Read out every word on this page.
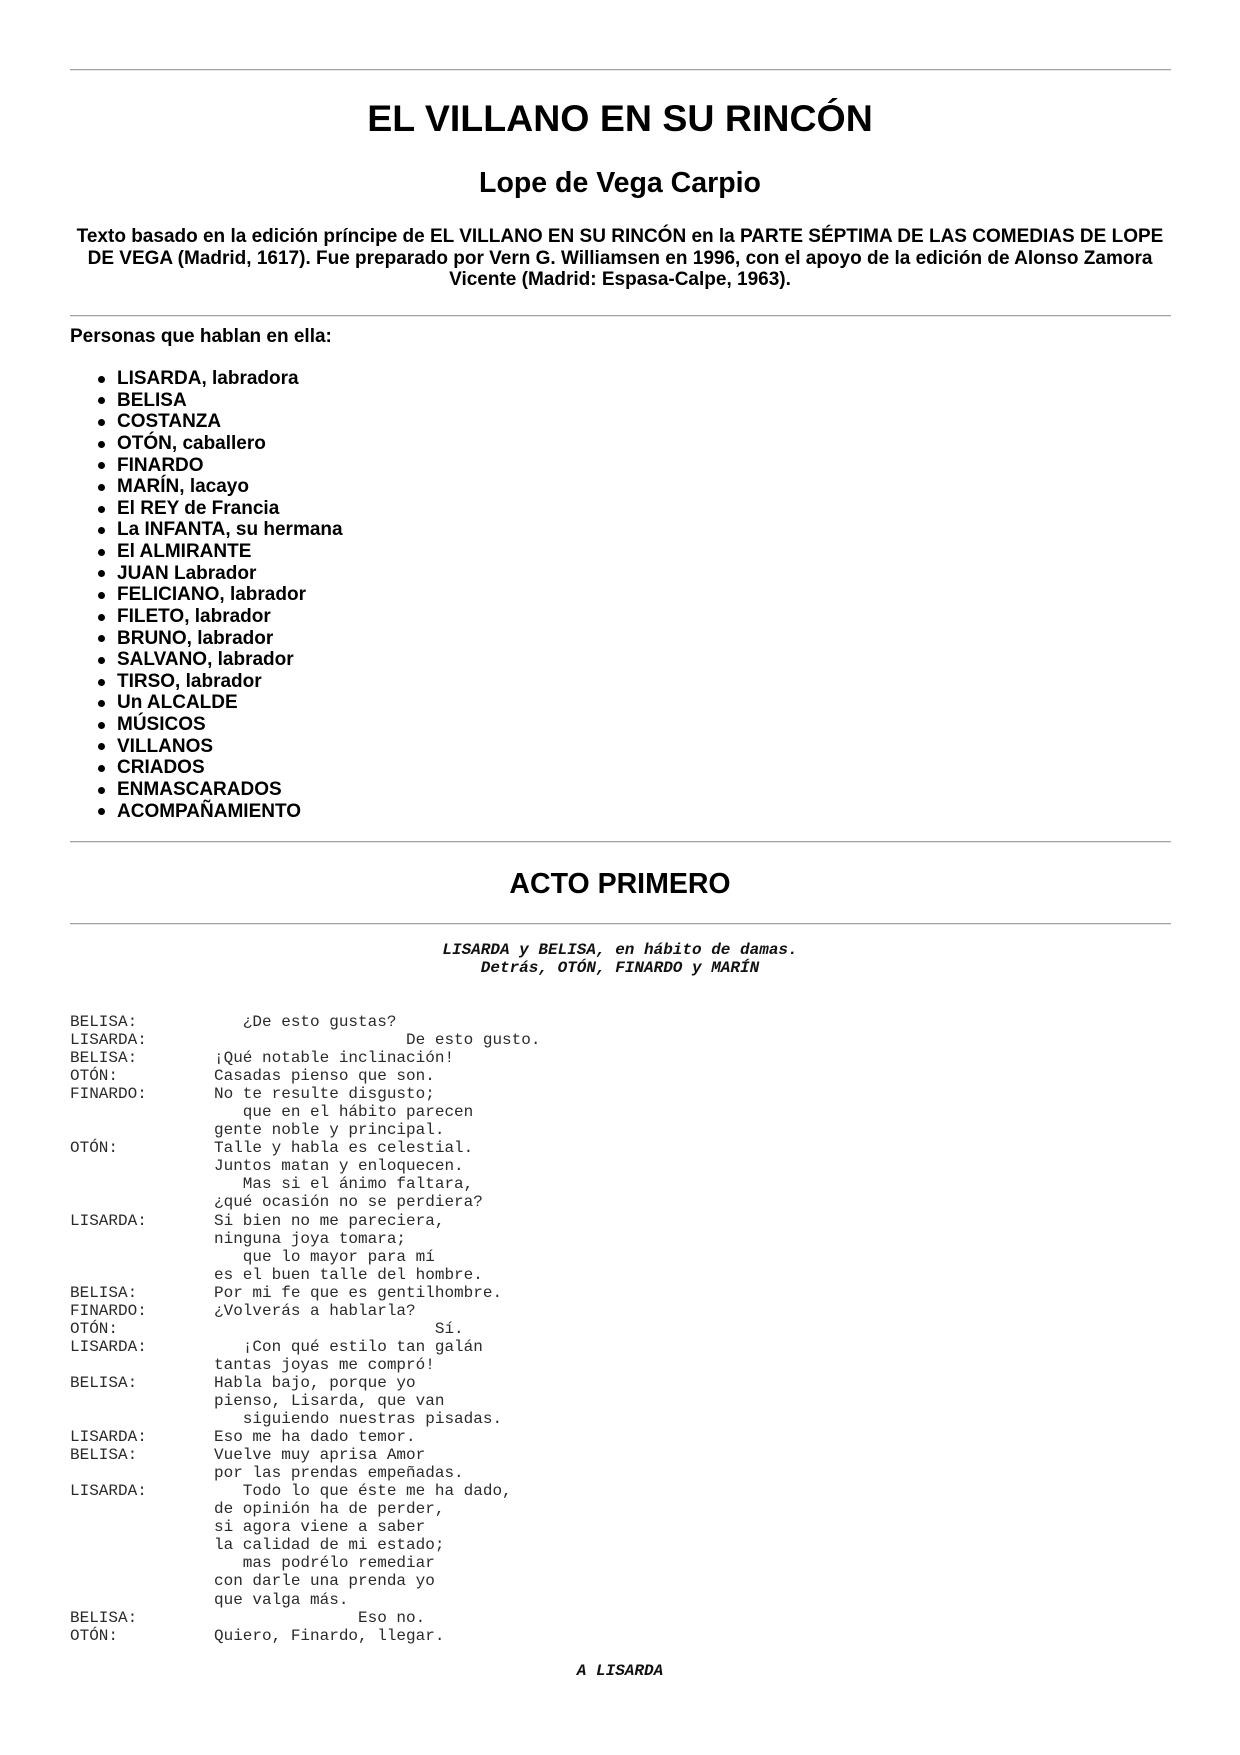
EL VILLANO EN SU RINCÓN
Lope de Vega Carpio

Texto basado en la edición príncipe de EL VILLANO EN SU RINCÓN en la PARTE SÉPTIMA DE LAS COMEDIAS DE LOPE DE VEGA (Madrid, 1617). Fue preparado por Vern G. Williamsen en 1996, con el apoyo de la edición de Alonso Zamora Vicente (Madrid: Espasa-Calpe, 1963).

Personas que hablan en ella:

LISARDA, labradora
BELISA
COSTANZA
OTÓN, caballero
FINARDO
MARÍN, lacayo
El REY de Francia
La INFANTA, su hermana
El ALMIRANTE
JUAN Labrador
FELICIANO, labrador
FILETO, labrador
BRUNO, labrador
SALVANO, labrador
TIRSO, labrador
Un ALCALDE
MÚSICOS
VILLANOS
CRIADOS
ENMASCARADOS
ACOMPAÑAMIENTO
ACTO PRIMERO
LISARDA y BELISA, en hábito de damas.
Detrás, OTÓN, FINARDO y MARÍN
BELISA:	¿De esto gustas?
LISARDA:	De esto gusto.
BELISA:	¡Qué notable inclinación!
OTÓN:	Casadas pienso que son.
FINARDO:	No te resulte disgusto;
que en el hábito parecen
gente noble y principal.
OTÓN:	Talle y habla es celestial.
Juntos matan y enloquecen.
Mas si el ánimo faltara,
¿qué ocasión no se perdiera?
LISARDA:	Si bien no me pareciera,
ninguna joya tomara;
que lo mayor para mí
es el buen talle del hombre.
BELISA:	Por mi fe que es gentilhombre.
FINARDO:	¿Volverás a hablarla?
OTÓN:	Sí.
LISARDA:	¡Con qué estilo tan galán
tantas joyas me compró!
BELISA:	Habla bajo, porque yo
pienso, Lisarda, que van
siguiendo nuestras pisadas.
LISARDA:	Eso me ha dado temor.
BELISA:	Vuelve muy aprisa Amor
por las prendas empeñadas.
LISARDA:	Todo lo que éste me ha dado,
de opinión ha de perder,
si agora viene a saber
la calidad de mi estado;
mas podrélo remediar
con darle una prenda yo
que valga más.
BELISA:	Eso no.
OTÓN:	Quiero, Finardo, llegar.
A LISARDA
